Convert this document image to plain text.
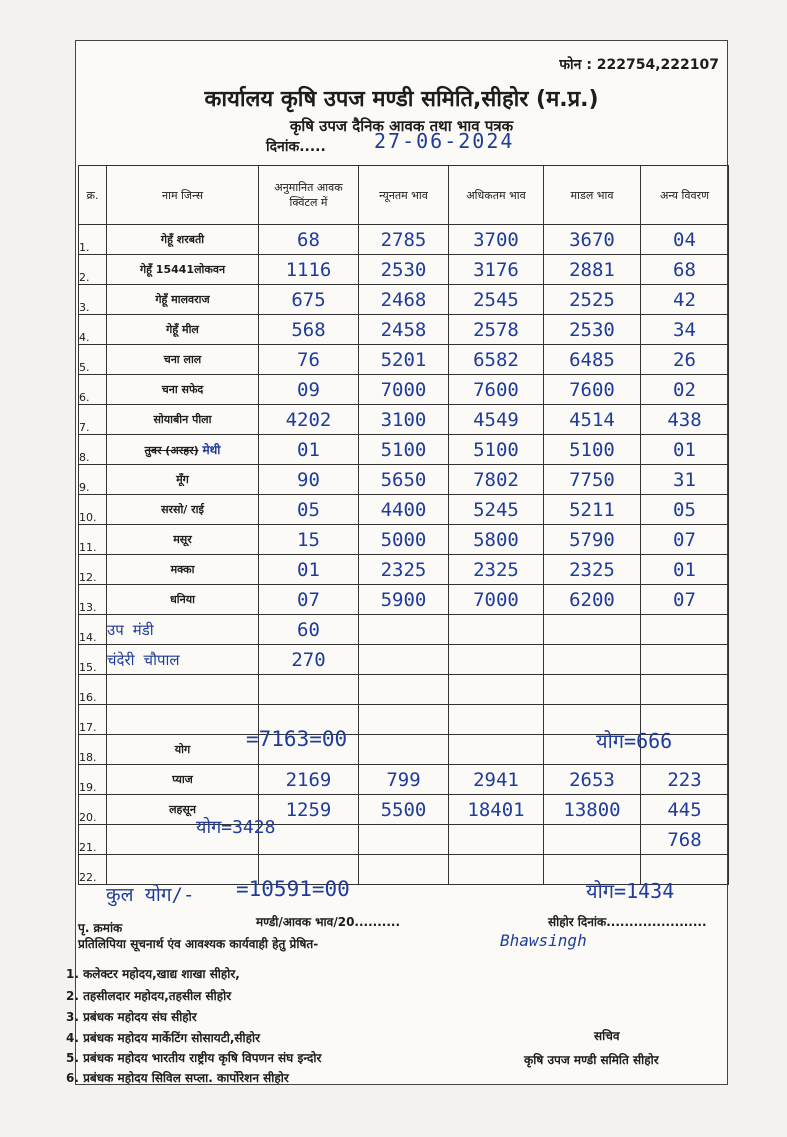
फोन : 222754,222107
कार्यालय कृषि उपज मण्डी समिति,सीहोर (म.प्र.)
कृषि उपज दैनिक आवक तथा भाव पत्रक
दिनांक..... 27-06-2024
क्र.	नाम जिन्स	अनुमानित आवक क्विंटल में	न्यूनतम भाव	अधिकतम भाव	माडल भाव	अन्य विवरण
1.	गेहूँ शरबती	68	2785	3700	3670	04
2.	गेहूँ 15441लोकवन	1116	2530	3176	2881	68
3.	गेहूँ मालवराज	675	2468	2545	2525	42
4.	गेहूँ मील	568	2458	2578	2530	34
5.	चना लाल	76	5201	6582	6485	26
6.	चना सफेद	09	7000	7600	7600	02
7.	सोयाबीन पीला	4202	3100	4549	4514	438
8.	तुवर (अरहर) मेथी	01	5100	5100	5100	01
9.	मूँग	90	5650	7802	7750	31
10.	सरसो/ राई	05	4400	5245	5211	05
11.	मसूर	15	5000	5800	5790	07
12.	मक्का	01	2325	2325	2325	01
13.	धनिया	07	5900	7000	6200	07
14.	उप मंडी	60				
15.	चंदेरी चौपाल	270				
16.						
17.						
18.	योग					
19.	प्याज	2169	799	2941	2653	223
20.	लहसून	1259	5500	18401	13800	445
21.						768
22.						
=7163=00	योग=666
योग=3428
कुल योग/- =10591=00	योग=1434
पृ. क्रमांक	मण्डी/आवक भाव/20..........	सीहोर दिनांक......................
प्रतिलिपिया सूचनार्थ एंव आवश्यक कार्यवाही हेतु प्रेषित-	Bhawsingh
1. कलेक्टर महोदय,खाद्य शाखा सीहोर,
2. तहसीलदार महोदय,तहसील सीहोर
3. प्रबंधक महोदय संघ सीहोर
4. प्रबंधक महोदय मार्केटिंग सोसायटी,सीहोर
5. प्रबंधक महोदय भारतीय राष्ट्रीय कृषि विपणन संघ इन्दोर
6. प्रबंधक महोदय सिविल सप्ला. कार्पोरेशन सीहोर
सचिव
कृषि उपज मण्डी समिति सीहोर
